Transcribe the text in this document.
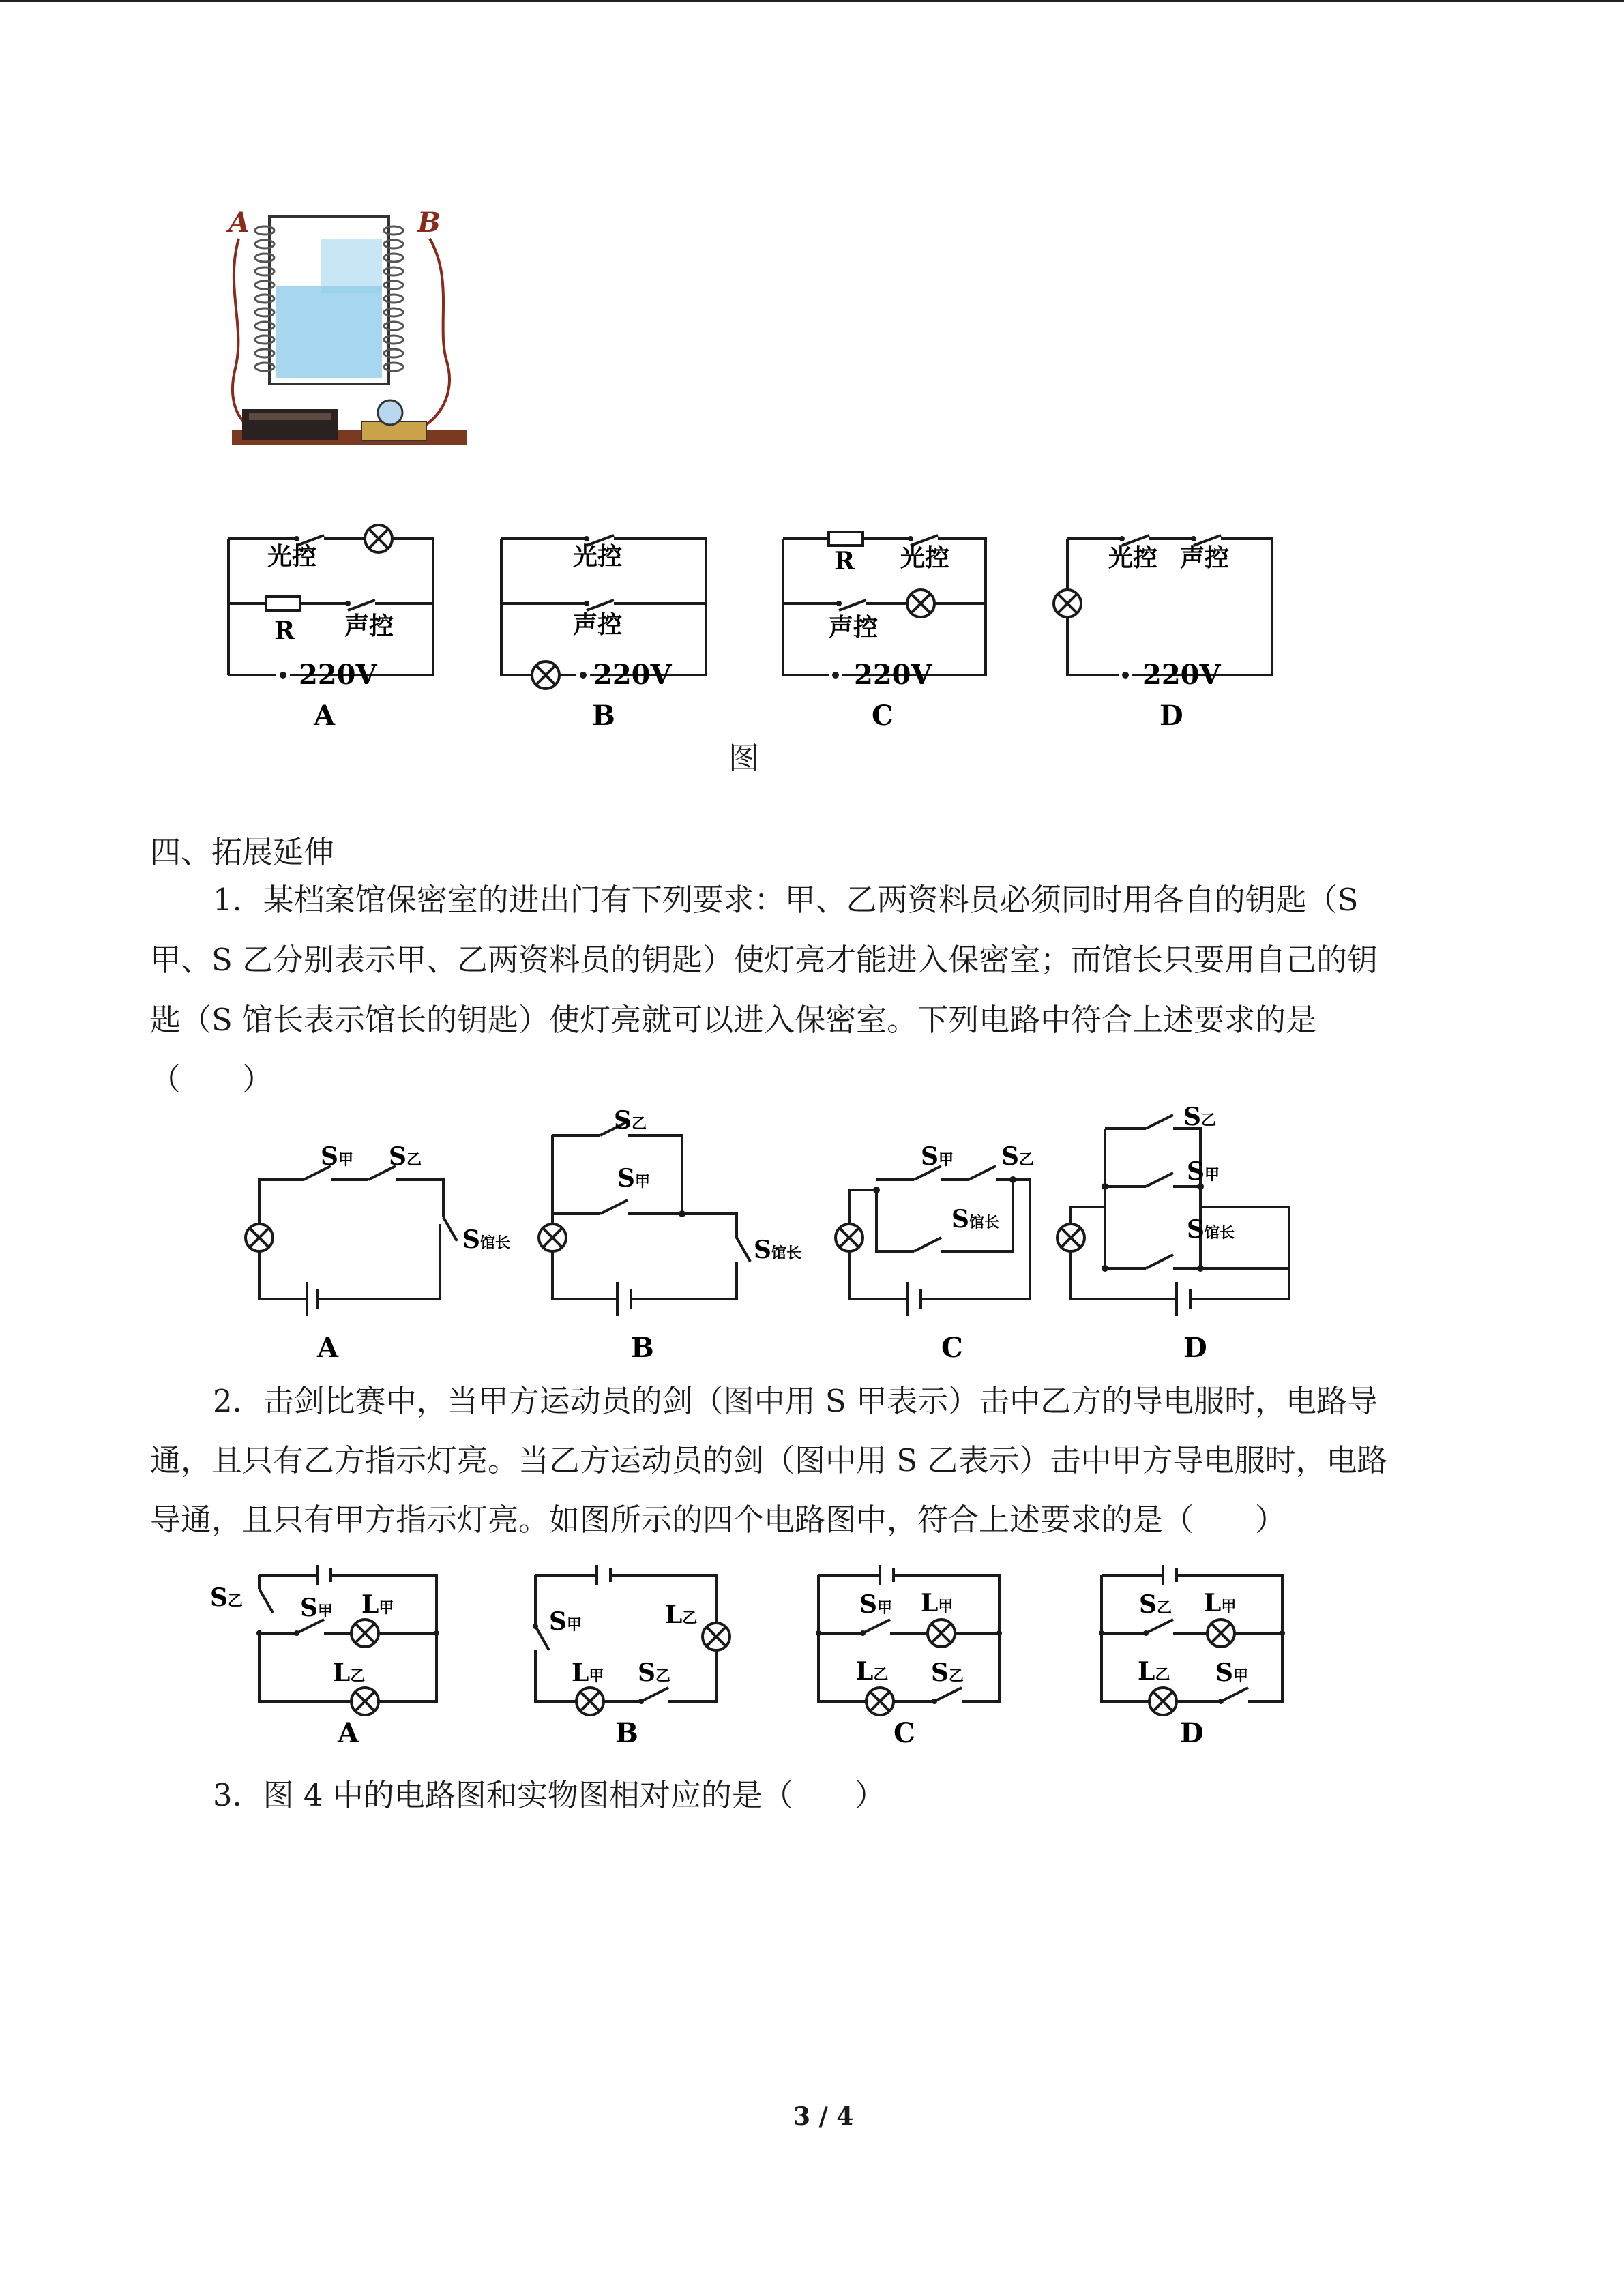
A	B
光控
R 声控
220V
A
光控
声控
220V
B
R 光控
声控
220V
C
光控 声控
220V
D
图
四、拓展延伸
1．某档案馆保密室的进出门有下列要求：甲、乙两资料员必须同时用各自的钥匙（S
甲、S 乙分别表示甲、乙两资料员的钥匙）使灯亮才能进入保密室；而馆长只要用自己的钥
匙（S 馆长表示馆长的钥匙）使灯亮就可以进入保密室。下列电路中符合上述要求的是
（　　）
S甲 S乙
S馆长
S乙
S甲
S馆长
S甲 S乙
S馆长
S乙
S甲
S馆长
A	B	C	D
2．击剑比赛中，当甲方运动员的剑（图中用 S 甲表示）击中乙方的导电服时，电路导
通，且只有乙方指示灯亮。当乙方运动员的剑（图中用 S 乙表示）击中甲方导电服时，电路
导通，且只有甲方指示灯亮。如图所示的四个电路图中，符合上述要求的是（　　）
S乙 S甲 L甲
L乙
S甲	L乙
L甲 S乙
S甲 L甲
L乙 S乙
S乙 L甲
L乙 S甲
A	B	C	D
3．图 4 中的电路图和实物图相对应的是（　　）
3 / 4
